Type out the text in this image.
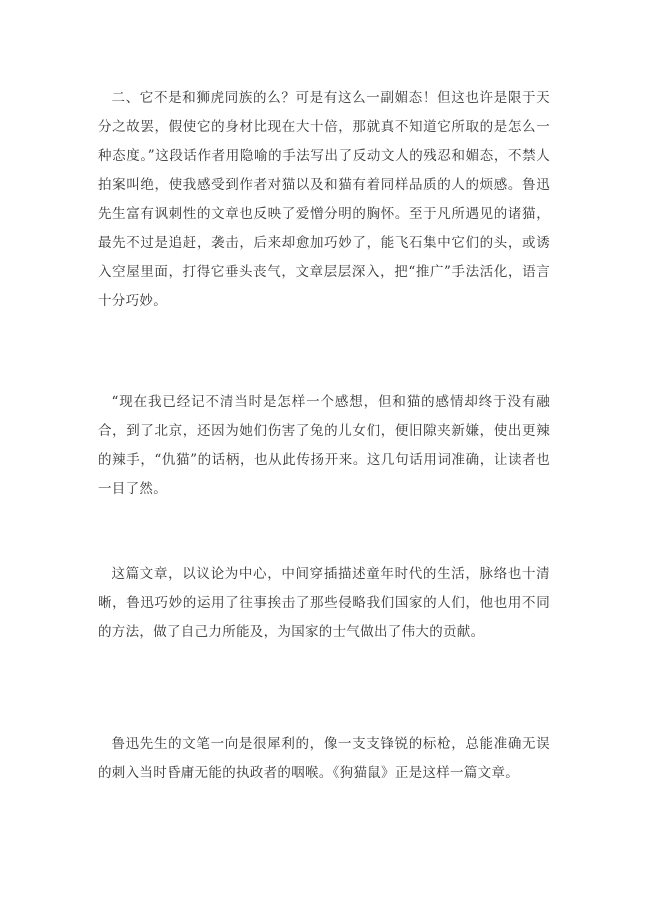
二、它不是和狮虎同族的么？可是有这么一副媚态！但这也许是限于天分之故罢，假使它的身材比现在大十倍，那就真不知道它所取的是怎么一种态度。”这段话作者用隐喻的手法写出了反动文人的残忍和媚态，不禁人拍案叫绝，使我感受到作者对猫以及和猫有着同样品质的人的烦感。鲁迅先生富有讽刺性的文章也反映了爱憎分明的胸怀。至于凡所遇见的诸猫，最先不过是追赶，袭击，后来却愈加巧妙了，能飞石集中它们的头，或诱入空屋里面，打得它垂头丧气，文章层层深入，把“推广”手法活化，语言十分巧妙。

“现在我已经记不清当时是怎样一个感想，但和猫的感情却终于没有融合，到了北京，还因为她们伤害了兔的儿女们，便旧隙夹新嫌，使出更辣的辣手，“仇猫”的话柄，也从此传扬开来。这几句话用词准确，让读者也一目了然。

这篇文章，以议论为中心，中间穿插描述童年时代的生活，脉络也十清晰，鲁迅巧妙的运用了往事挨击了那些侵略我们国家的人们，他也用不同的方法，做了自己力所能及，为国家的士气做出了伟大的贡献。

鲁迅先生的文笔一向是很犀利的，像一支支锋锐的标枪，总能准确无误的刺入当时昏庸无能的执政者的咽喉。《狗猫鼠》正是这样一篇文章。
